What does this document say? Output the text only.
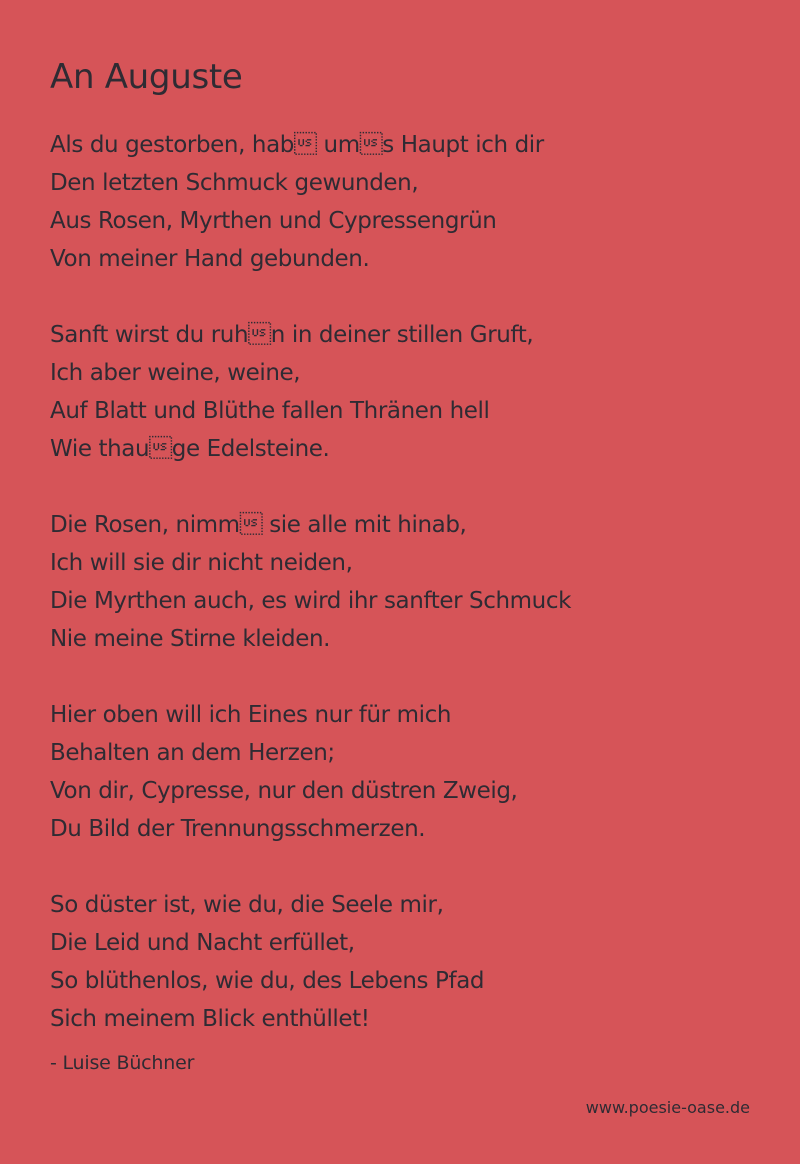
An Auguste
Als du gestorben, hab ums Haupt ich dir
Den letzten Schmuck gewunden,
Aus Rosen, Myrthen und Cypressengrün
Von meiner Hand gebunden.
Sanft wirst du ruhn in deiner stillen Gruft,
Ich aber weine, weine,
Auf Blatt und Blüthe fallen Thränen hell
Wie thauge Edelsteine.
Die Rosen, nimm sie alle mit hinab,
Ich will sie dir nicht neiden,
Die Myrthen auch, es wird ihr sanfter Schmuck
Nie meine Stirne kleiden.
Hier oben will ich Eines nur für mich
Behalten an dem Herzen;
Von dir, Cypresse, nur den düstren Zweig,
Du Bild der Trennungsschmerzen.
So düster ist, wie du, die Seele mir,
Die Leid und Nacht erfüllet,
So blüthenlos, wie du, des Lebens Pfad
Sich meinem Blick enthüllet!
- Luise Büchner
www.poesie-oase.de
